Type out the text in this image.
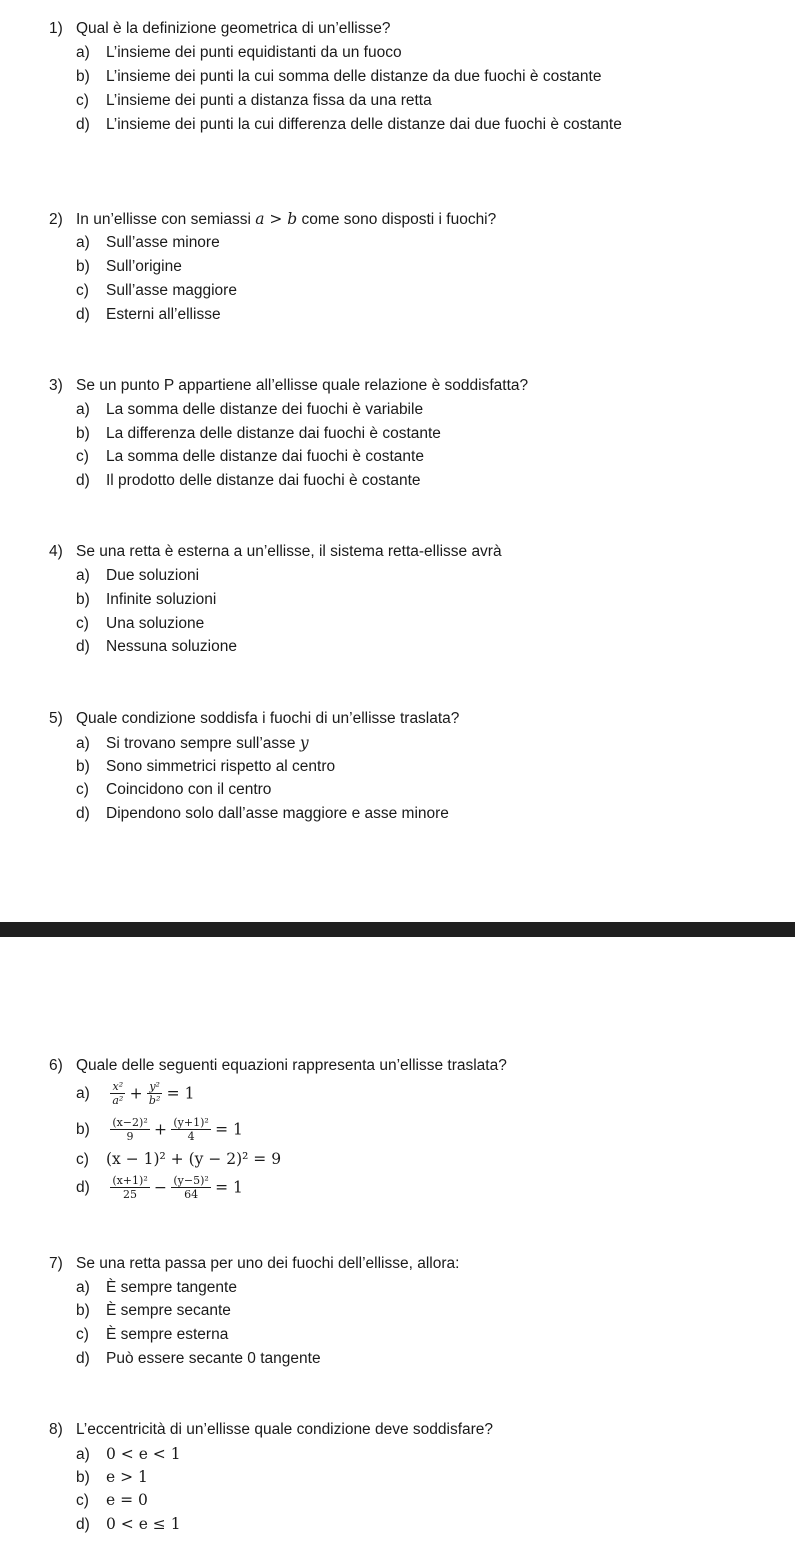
1) Qual è la definizione geometrica di un’ellisse?
a) L’insieme dei punti equidistanti da un fuoco
b) L’insieme dei punti la cui somma delle distanze da due fuochi è costante
c) L’insieme dei punti a distanza fissa da una retta
d) L’insieme dei punti la cui differenza delle distanze dai due fuochi è costante
2) In un’ellisse con semiassi a > b come sono disposti i fuochi?
a) Sull’asse minore
b) Sull’origine
c) Sull’asse maggiore
d) Esterni all’ellisse
3) Se un punto P appartiene all’ellisse quale relazione è soddisfatta?
a) La somma delle distanze dei fuochi è variabile
b) La differenza delle distanze dai fuochi è costante
c) La somma delle distanze dai fuochi è costante
d) Il prodotto delle distanze dai fuochi è costante
4) Se una retta è esterna a un’ellisse, il sistema retta-ellisse avrà
a) Due soluzioni
b) Infinite soluzioni
c) Una soluzione
d) Nessuna soluzione
5) Quale condizione soddisfa i fuochi di un’ellisse traslata?
a) Si trovano sempre sull’asse y
b) Sono simmetrici rispetto al centro
c) Coincidono con il centro
d) Dipendono solo dall’asse maggiore e asse minore
6) Quale delle seguenti equazioni rappresenta un’ellisse traslata?
$a) \frac{\text{x²}}{\text{a²}} + \frac{\text{y²}}{\text{b²}} = 1$
$b) \frac{\text{(x−2)²}}{9} + \frac{\text{(y+1)²}}{4} = 1$
c) (x − 1)² + (y − 2)² = 9
$d) \frac{\text{(x+1)²}}{25} - \frac{\text{(y−5)²}}{64} = 1$
7) Se una retta passa per uno dei fuochi dell’ellisse, allora:
a) È sempre tangente
b) È sempre secante
c) È sempre esterna
d) Può essere secante 0 tangente
8) L’eccentricità di un’ellisse quale condizione deve soddisfare?
a) 0 < e < 1
b) e > 1
c) e = 0
d) 0 < e ≤ 1
